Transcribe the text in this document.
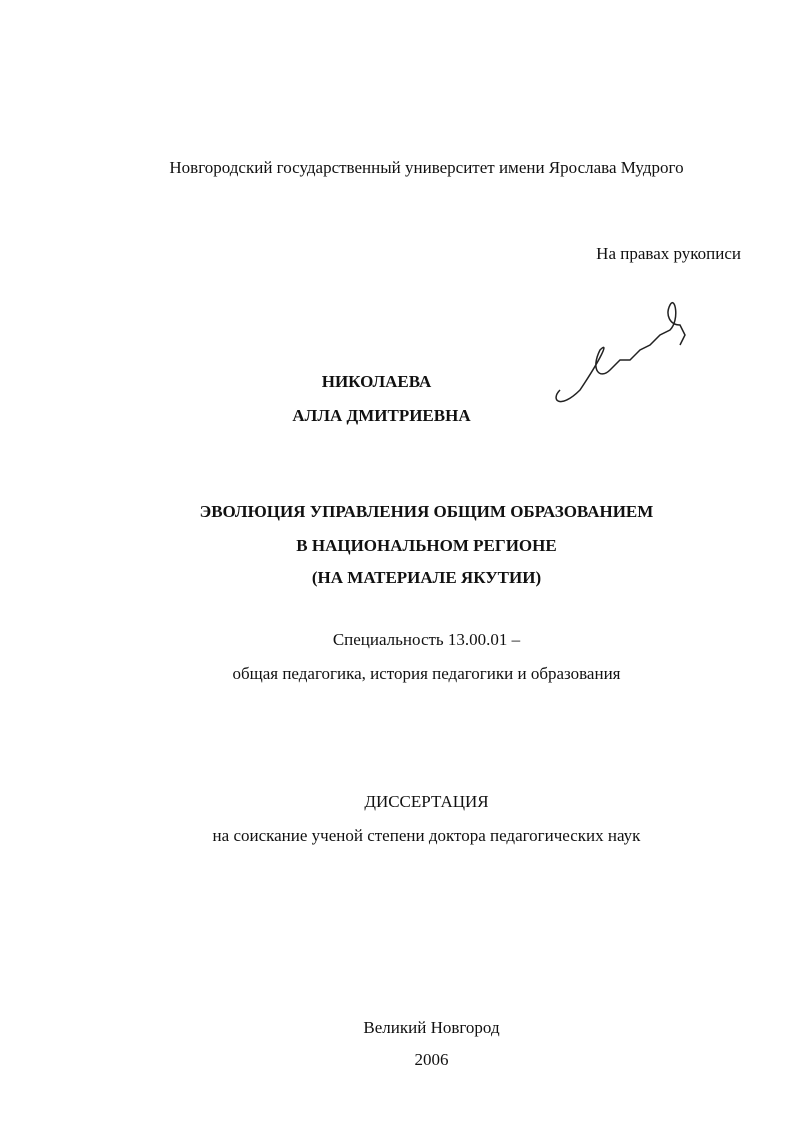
Новгородский государственный университет имени Ярослава Мудрого
На правах рукописи
НИКОЛАЕВА
АЛЛА ДМИТРИЕВНА
ЭВОЛЮЦИЯ УПРАВЛЕНИЯ ОБЩИМ ОБРАЗОВАНИЕМ
В НАЦИОНАЛЬНОМ РЕГИОНЕ
(НА МАТЕРИАЛЕ ЯКУТИИ)
Специальность 13.00.01 –
общая педагогика, история педагогики и образования
ДИССЕРТАЦИЯ
на соискание ученой степени доктора педагогических наук
Великий Новгород
2006
